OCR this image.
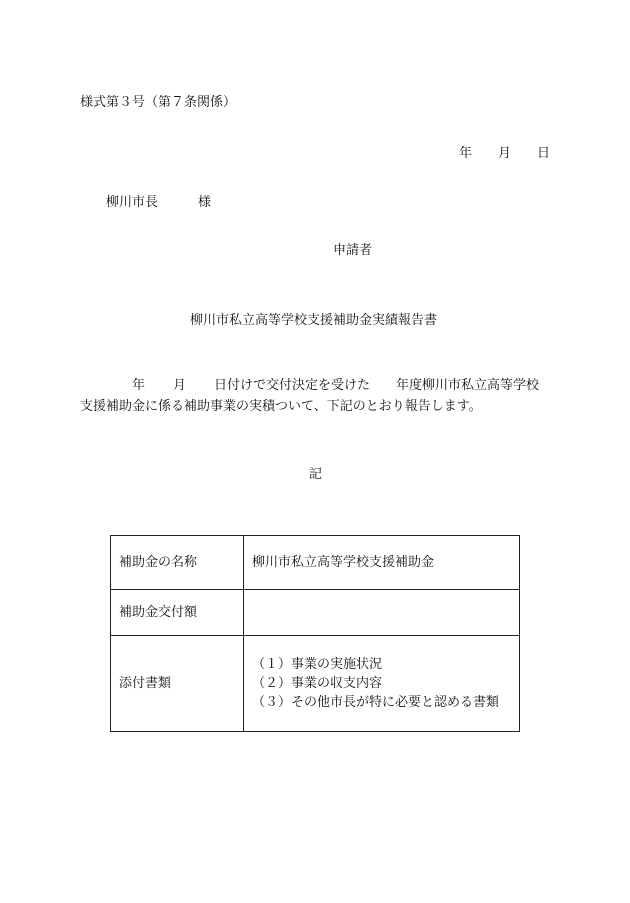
様式第３号（第７条関係）
年 月 日
柳川市長	様
申請者
柳川市私立高等学校支援補助金実績報告書
年 月 日付けで交付決定を受けた 年度柳川市私立高等学校
支援補助金に係る補助事業の実積ついて、下記のとおり報告します。
記
補助金の名称	柳川市私立高等学校支援補助金
補助金交付額	
添付書類	（１）事業の実施状況
（２）事業の収支内容
（３）その他市長が特に必要と認める書類
